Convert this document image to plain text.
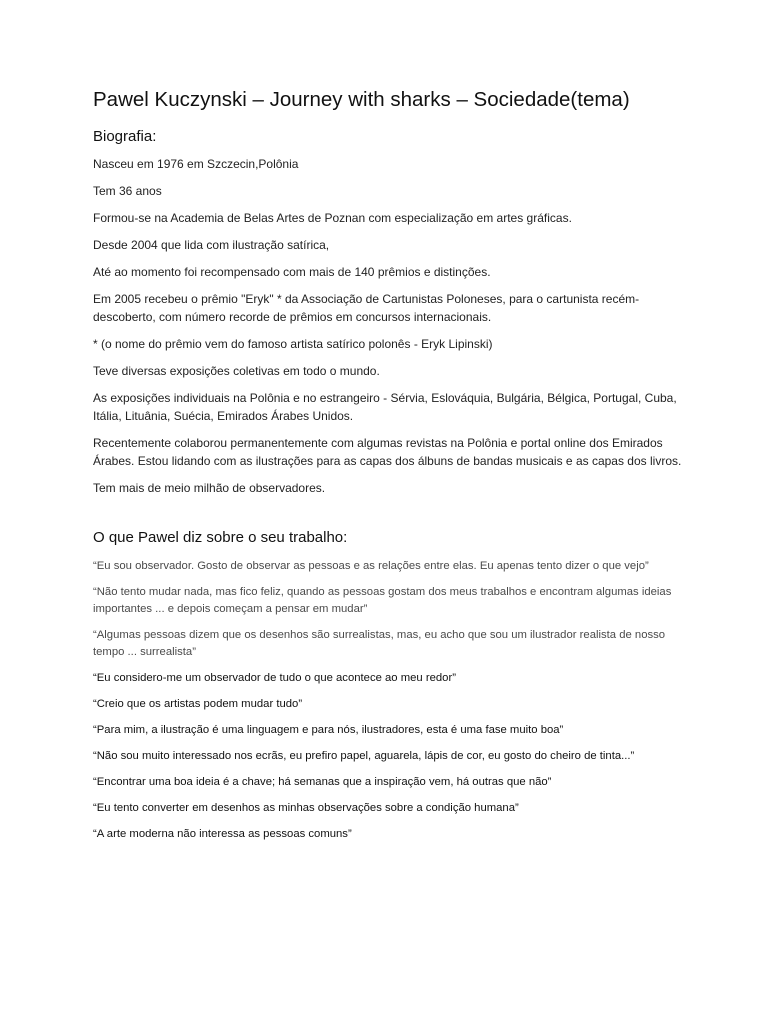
Pawel Kuczynski – Journey with sharks – Sociedade(tema)
Biografia:

Nasceu em 1976 em Szczecin,Polônia

Tem 36 anos

Formou-se na Academia de Belas Artes de Poznan com especialização em artes gráficas.

Desde 2004 que lida com ilustração satírica,

Até ao momento foi recompensado com mais de 140 prêmios e distinções.

Em 2005 recebeu o prêmio "Eryk" * da Associação de Cartunistas Poloneses, para o cartunista recém-descoberto, com número recorde de prêmios em concursos internacionais.

* (o nome do prêmio vem do famoso artista satírico polonês - Eryk Lipinski)

Teve diversas exposições coletivas em todo o mundo.

As exposições individuais na Polônia e no estrangeiro - Sérvia, Eslováquia, Bulgária, Bélgica, Portugal, Cuba, Itália, Lituânia, Suécia, Emirados Árabes Unidos.

Recentemente colaborou permanentemente com algumas revistas na Polônia e portal online dos Emirados Árabes. Estou lidando com as ilustrações para as capas dos álbuns de bandas musicais e as capas dos livros.

Tem mais de meio milhão de observadores.

O que Pawel diz sobre o seu trabalho:

“Eu sou observador. Gosto de observar as pessoas e as relações entre elas. Eu apenas tento dizer o que vejo”

“Não tento mudar nada, mas fico feliz, quando as pessoas gostam dos meus trabalhos e encontram algumas ideias importantes ... e depois começam a pensar em mudar”

“Algumas pessoas dizem que os desenhos são surrealistas, mas, eu acho que sou um ilustrador realista de nosso tempo ... surrealista”

“Eu considero-me um observador de tudo o que acontece ao meu redor”

“Creio que os artistas podem mudar tudo”

“Para mim, a ilustração é uma linguagem e para nós, ilustradores, esta é uma fase muito boa”

“Não sou muito interessado nos ecrãs, eu prefiro papel, aguarela, lápis de cor, eu gosto do cheiro de tinta...”

“Encontrar uma boa ideia é a chave; há semanas que a inspiração vem, há outras que não”

“Eu tento converter em desenhos as minhas observações sobre a condição humana”

“A arte moderna não interessa as pessoas comuns”
